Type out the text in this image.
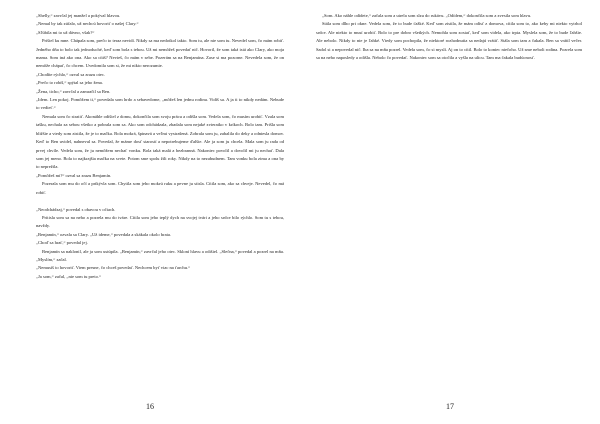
„Shelly,“ zavrčal jej manžel a pokýval hlavou.

„Nemal by tak zúfalo, už nechcú hovoriť o našej Clary.“

„Sľúbila mi to už dávno, však?“

Prišiel ku mne. Chápala som, prečo to teraz nevidí. Nikdy sa ma nedotkol takto. Som tu, ale nie som tu. Nevedel som, čo mám robiť. Jedného dňa to bolo tak jednoduché, keď som bola s tebou. Už mi nemôžeš povedať nič. Hovoril, že som taká istá ako Clary, ako moja mama. Som iná ako ona. Ako sa cítiš? Nevieš, čo mám v sebe. Pozerám sa na Benjamína. Zase si ma pozorne. Nevedela som, že on nemôže chápať, čo chcem. Uvedomila som si, že mi nikto nerozumie.

„Chodíte rýchlo,“ ozval sa zrazu otec.

„Prečo to robíš,“ spýtal sa jeho žena.

„Žena, ticho,“ zavrčal a zamračil sa Ben.

„Idem. Len pokoj. Pomôžem ti,“ povedala som hrdo a sebavedome, „môžeš len jednu rodinu. Vidíš sa. A ja ti to nikdy nedám. Nebude to vedieť.“

Nemala som čo stratiť. Akonáhle odišiel z domu, dokončila som svoju prácu a odišla som. Vedela som, čo musím urobiť. Vzala som tašku, nechala za sebou všetko a pobrala som sa. Ako som odchádzala, zbadala som nejaké zvieratko v kríkoch. Bolo tam. Prišla som bližšie a vtedy som zistila, že je to mačka. Bola mokrá, špinavá a veľmi vystrašená. Zobrala som ju, zabalila do deky a odniesla domov. Keď to Ben uvidel, nahneval sa. Povedal, že máme dosť starostí a nepotrebujeme ďalšie. Ale ja som ju chcela. Mala som ju rada od prvej chvíle. Vedela som, že ju nemôžem nechať vonku. Bola taká malá a bezbranná. Nakoniec povolil a dovolil mi ju nechať. Dala som jej meno. Bola to najkrajšia mačka na svete. Potom sme spolu žili roky. Nikdy na to nezabudnem. Tam vonku bola zima a ona by to neprežila.

„Pomôžeš mi?“ ozval sa zrazu Benjamín.

Pozerala som mu do očí a prikývla som. Chytila som jeho mokrú ruku a pevne ju stisla. Cítila som, ako sa chveje. Nevedel, čo má robiť.

„Neodchádzaj,“ povedal s obavou v očiach.

Pritisla som sa na neho a pozrela mu do tváre. Cítila som jeho teplý dych na svojej tvári a jeho srdce bilo rýchlo. Som tu s tebou, navždy.

„Benjamín,“ ozvala sa Clary. „Už ideme,“ povedala a skákala okolo brata.

„Choď sa hrať,“ povedal jej.

Benjamín sa naklonil, ale ja som ustúpila. „Benjamín,“ zavrčal jeho otec. Skloní hlavu a odišiel. „Slečna,“ povedal a pozrel na mňa. „Myslím,“ začal.

„Nemusíš to hovoriť. Viem presne, čo chceš povedať. Nechcem byť viac na ťarchu.“

„Ja som,“ začal, „nie som tu preto.“

16

„Som. Ako náhle odídete,“ začala som a utrela som slzu do rukávu. „Odídem,“ dokončila som a zvesila som hlavu.

Stála som dlho pri okne. Vedela som, že to bude ťažké. Keď som zistila, že mám odísť z domova, cítila som to, ako keby mi niekto vytrhol srdce. Ale niekto to musí urobiť. Bolo to pre dobro všetkých. Nemohla som zostať, keď som videla, ako trpia. Myslela som, že to bude ľahšie. Ale nebolo. Nikdy to nie je ľahké. Vtedy som pochopila, že niektoré rozhodnutia sa nedajú vrátiť. Stála som tam a čakala. Ben sa vrátil večer. Sadol si a nepovedal nič. Iba sa na mňa pozrel. Vedela som, čo si myslí. Aj on to cítil. Bolo to koniec niečoho. Už sme neboli rodina. Pozrela som sa na neho naposledy a odišla. Nebolo čo povedať. Nakoniec som sa otočila a vyšla na ulicu. Tam ma čakala budúcnosť.

17
